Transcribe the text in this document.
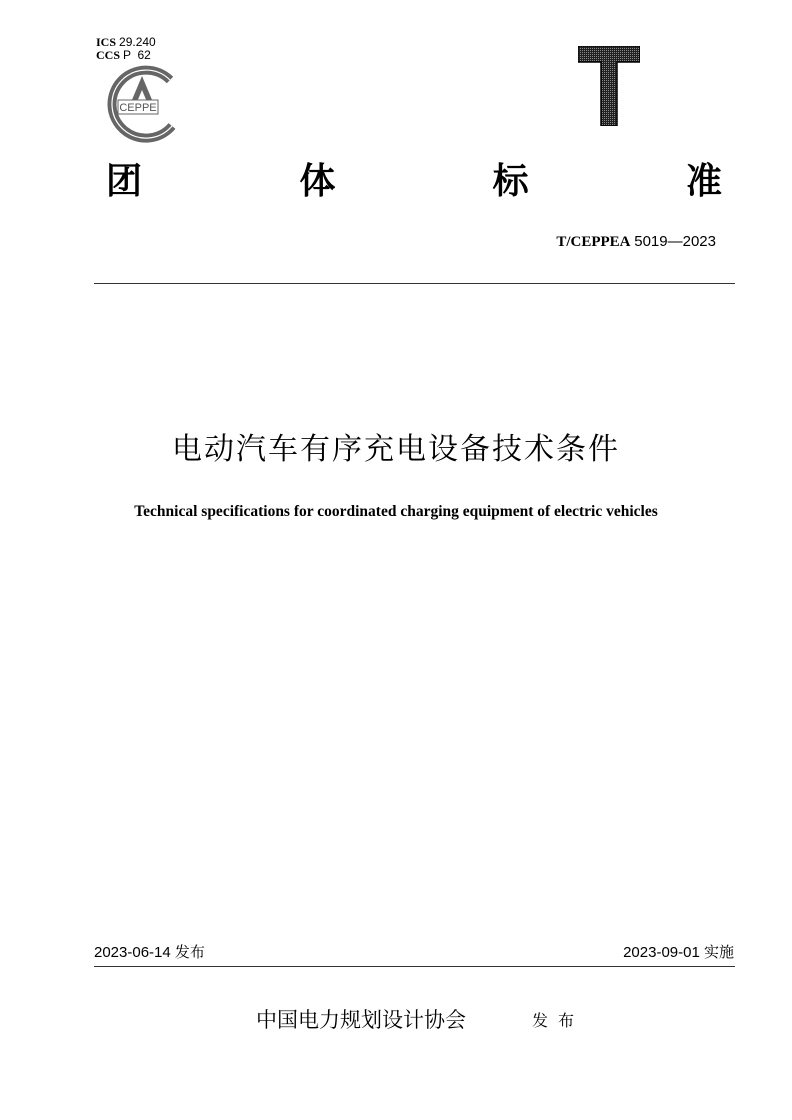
ICS 29.240
CCS P  62
CEPPE
团	体	标	准
T/CEPPEA 5019—2023
电动汽车有序充电设备技术条件
Technical specifications for coordinated charging equipment of electric vehicles
2023-06-14 发布	2023-09-01 实施
中国电力规划设计协会	发布
